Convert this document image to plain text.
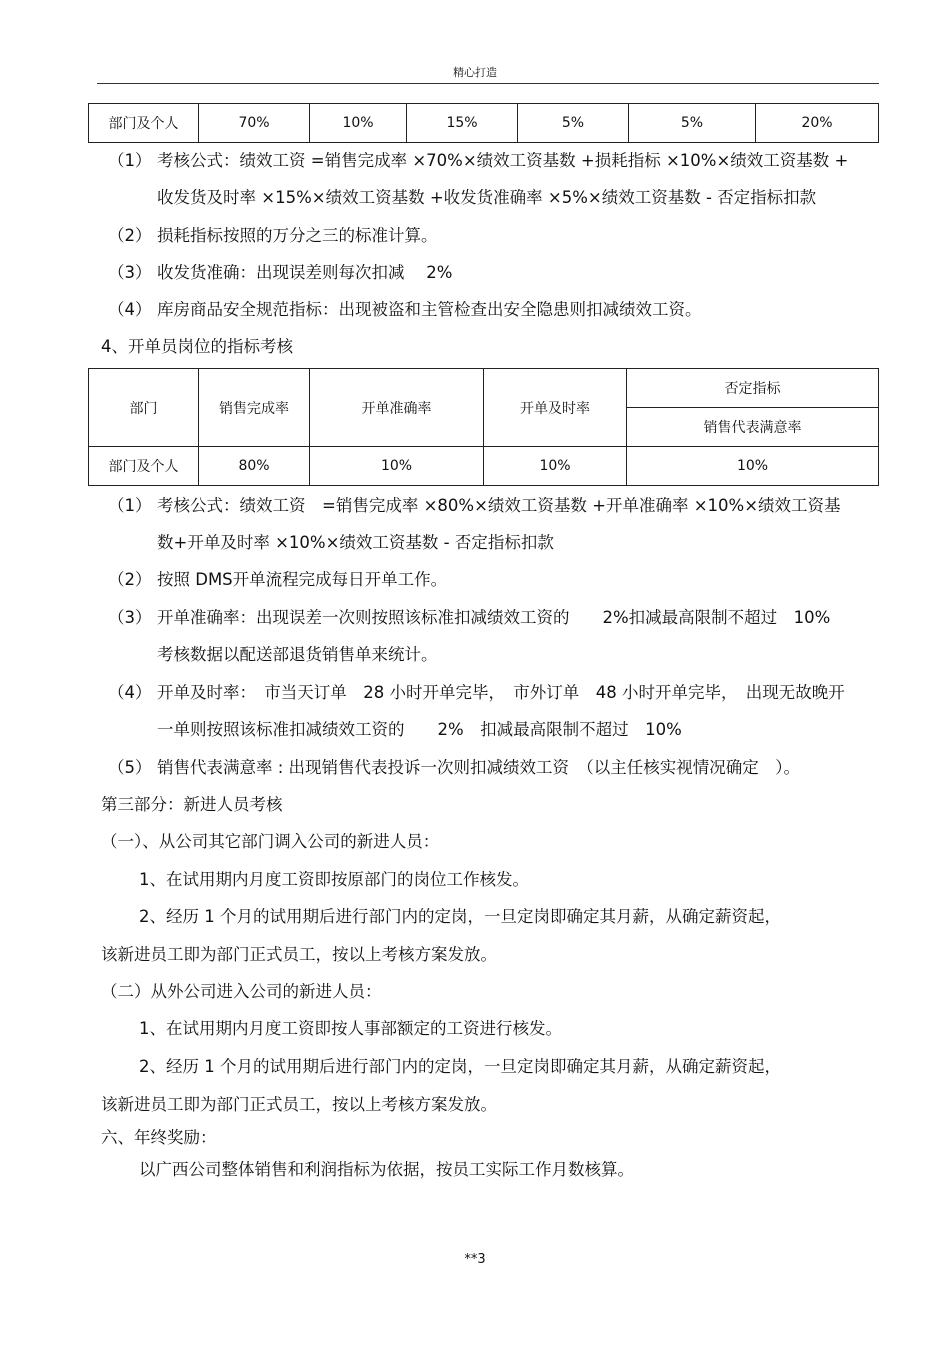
精心打造
部门及个人	70%	10%	15%	5%	5%	20%
（1） 考核公式：绩效工资 =销售完成率 ×70%×绩效工资基数 +损耗指标 ×10%×绩效工资基数 +
收发货及时率 ×15%×绩效工资基数 +收发货准确率 ×5%×绩效工资基数 - 否定指标扣款
（2） 损耗指标按照的万分之三的标准计算。
（3） 收发货准确：出现误差则每次扣减　 2%
（4） 库房商品安全规范指标：出现被盗和主管检查出安全隐患则扣减绩效工资。
4、开单员岗位的指标考核
部门	销售完成率	开单准确率	开单及时率	否定指标
				销售代表满意率
部门及个人	80%	10%	10%	10%
（1） 考核公式：绩效工资　=销售完成率 ×80%×绩效工资基数 +开单准确率 ×10%×绩效工资基
数+开单及时率 ×10%×绩效工资基数 - 否定指标扣款
（2） 按照 DMS开单流程完成每日开单工作。
（3） 开单准确率：出现误差一次则按照该标准扣减绩效工资的　　2%扣减最高限制不超过　10%
考核数据以配送部退货销售单来统计。
（4） 开单及时率：　市当天订单　28 小时开单完毕，　市外订单　48 小时开单完毕，　出现无故晚开
一单则按照该标准扣减绩效工资的　　2%　扣减最高限制不超过　10%
（5） 销售代表满意率 : 出现销售代表投诉一次则扣减绩效工资　（以主任核实视情况确定　）。
第三部分：新进人员考核
（一）、从公司其它部门调入公司的新进人员：
1、在试用期内月度工资即按原部门的岗位工作核发。
2、经历 1 个月的试用期后进行部门内的定岗，一旦定岗即确定其月薪，从确定薪资起，
该新进员工即为部门正式员工，按以上考核方案发放。
（二）从外公司进入公司的新进人员：
1、在试用期内月度工资即按人事部额定的工资进行核发。
2、经历 1 个月的试用期后进行部门内的定岗，一旦定岗即确定其月薪，从确定薪资起，
该新进员工即为部门正式员工，按以上考核方案发放。
六、年终奖励：
以广西公司整体销售和利润指标为依据，按员工实际工作月数核算。
**3
